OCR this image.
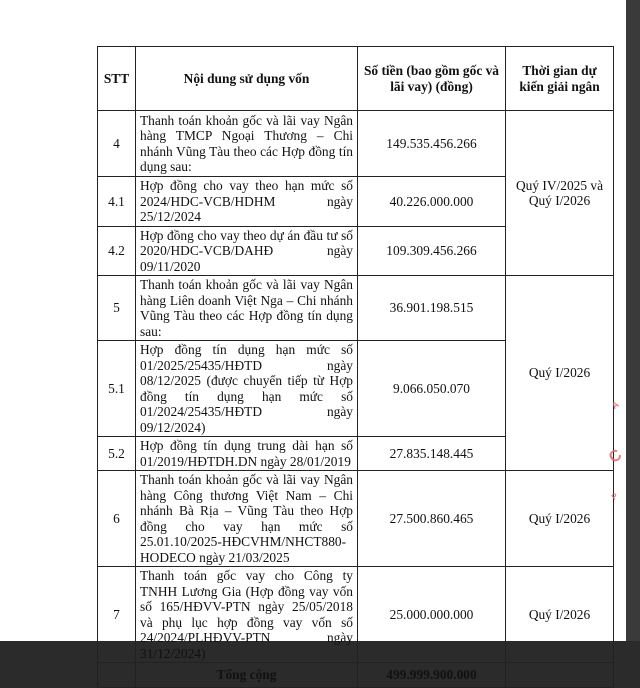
STT	Nội dung sử dụng vốn	Số tiền (bao gồm gốc và lãi vay) (đồng)	Thời gian dự kiến giải ngân
4	Thanh toán khoản gốc và lãi vay Ngân hàng TMCP Ngoại Thương – Chi nhánh Vũng Tàu theo các Hợp đồng tín dụng sau:	149.535.456.266	Quý IV/2025 và Quý I/2026
4.1	Hợp đồng cho vay theo hạn mức số 2024/HDC-VCB/HDHM ngày 25/12/2024	40.226.000.000	
4.2	Hợp đồng cho vay theo dự án đầu tư số 2020/HDC-VCB/DAHĐ ngày 09/11/2020	109.309.456.266	
5	Thanh toán khoản gốc và lãi vay Ngân hàng Liên doanh Việt Nga – Chi nhánh Vũng Tàu theo các Hợp đồng tín dụng sau:	36.901.198.515	Quý I/2026
5.1	Hợp đồng tín dụng hạn mức số 01/2025/25435/HĐTD ngày 08/12/2025 (được chuyển tiếp từ Hợp đồng tín dụng hạn mức số 01/2024/25435/HĐTD ngày 09/12/2024)	9.066.050.070	
5.2	Hợp đồng tín dụng trung dài hạn số 01/2019/HĐTDH.DN ngày 28/01/2019	27.835.148.445	
6	Thanh toán khoản gốc và lãi vay Ngân hàng Công thương Việt Nam – Chi nhánh Bà Rịa – Vũng Tàu theo Hợp đồng cho vay hạn mức số 25.01.10/2025-HĐCVHM/NHCT880-HODECO ngày 21/03/2025	27.500.860.465	Quý I/2026
7	Thanh toán gốc vay cho Công ty TNHH Lương Gia (Hợp đồng vay vốn số 165/HĐVV-PTN ngày 25/05/2018 và phụ lục hợp đồng vay vốn số 24/2024/PLHĐVV-PTN ngày 31/12/2024)	25.000.000.000	Quý I/2026
	Tổng cộng	499.999.900.000	
A
C
P
